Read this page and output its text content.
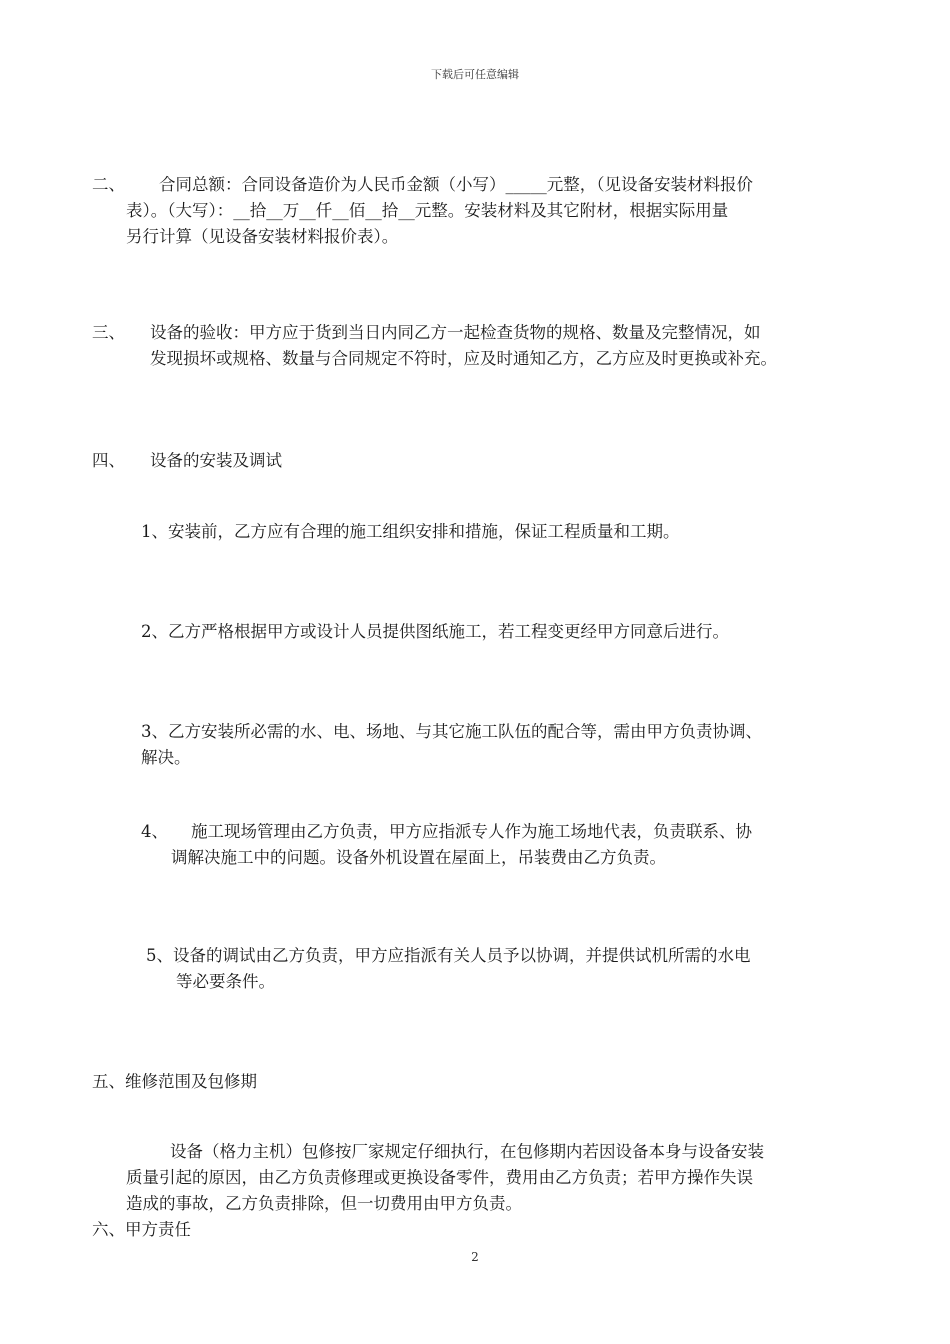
下载后可任意编辑
二、 合同总额：合同设备造价为人民币金额（小写）_____元整，（见设备安装材料报价
表）。（大写）：__拾__万__仟__佰__拾__元整。安装材料及其它附材，根据实际用量
另行计算（见设备安装材料报价表）。
三、 设备的验收：甲方应于货到当日内同乙方一起检查货物的规格、数量及完整情况，如
发现损坏或规格、数量与合同规定不符时，应及时通知乙方，乙方应及时更换或补充。
四、 设备的安装及调试
1、安装前，乙方应有合理的施工组织安排和措施，保证工程质量和工期。
2、乙方严格根据甲方或设计人员提供图纸施工，若工程变更经甲方同意后进行。
3、乙方安装所必需的水、电、场地、与其它施工队伍的配合等，需由甲方负责协调、
解决。
4、 施工现场管理由乙方负责，甲方应指派专人作为施工场地代表，负责联系、协
调解决施工中的问题。设备外机设置在屋面上，吊装费由乙方负责。
5、设备的调试由乙方负责，甲方应指派有关人员予以协调，并提供试机所需的水电
等必要条件。
五、维修范围及包修期
设备（格力主机）包修按厂家规定仔细执行，在包修期内若因设备本身与设备安装
质量引起的原因，由乙方负责修理或更换设备零件，费用由乙方负责；若甲方操作失误
造成的事故，乙方负责排除，但一切费用由甲方负责。
六、甲方责任
2
